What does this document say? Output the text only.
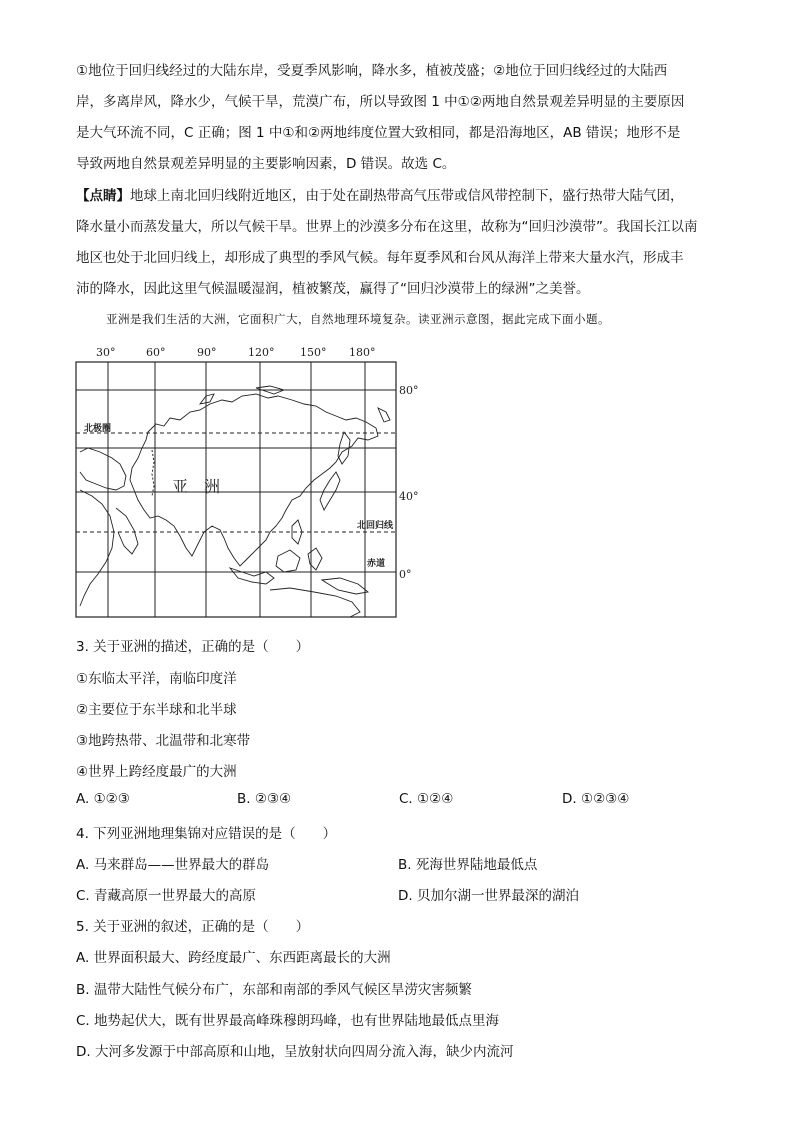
①地位于回归线经过的大陆东岸，受夏季风影响，降水多，植被茂盛；②地位于回归线经过的大陆西

岸，多离岸风，降水少，气候干旱，荒漠广布，所以导致图 1 中①②两地自然景观差异明显的主要原因

是大气环流不同，C 正确；图 1 中①和②两地纬度位置大致相同，都是沿海地区，AB 错误；地形不是

导致两地自然景观差异明显的主要影响因素，D 错误。故选 C。

【点睛】地球上南北回归线附近地区，由于处在副热带高气压带或信风带控制下，盛行热带大陆气团，

降水量小而蒸发量大，所以气候干旱。世界上的沙漠多分布在这里，故称为“回归沙漠带”。我国长江以南

地区也处于北回归线上，却形成了典型的季风气候。每年夏季风和台风从海洋上带来大量水汽，形成丰

沛的降水，因此这里气候温暖湿润，植被繁茂，赢得了“回归沙漠带上的绿洲”之美誉。

亚洲是我们生活的大洲，它面积广大，自然地理环境复杂。读亚洲示意图，据此完成下面小题。
30°	60°	90°	120° 150° 180°
80°
40°
0°
北极圈
北回归线
赤道
亚　洲
3. 关于亚洲的描述，正确的是（　　）
①东临太平洋，南临印度洋
②主要位于东半球和北半球
③地跨热带、北温带和北寒带
④世界上跨经度最广的大洲
A. ①②③	B. ②③④	C. ①②④	D. ①②③④
4. 下列亚洲地理集锦对应错误的是（　　）
A. 马来群岛——世界最大的群岛	B. 死海世界陆地最低点
C. 青藏高原一世界最大的高原	D. 贝加尔湖一世界最深的湖泊
5. 关于亚洲的叙述，正确的是（　　）
A. 世界面积最大、跨经度最广、东西距离最长的大洲
B. 温带大陆性气候分布广，东部和南部的季风气候区旱涝灾害频繁
C. 地势起伏大，既有世界最高峰珠穆朗玛峰，也有世界陆地最低点里海
D. 大河多发源于中部高原和山地，呈放射状向四周分流入海，缺少内流河
